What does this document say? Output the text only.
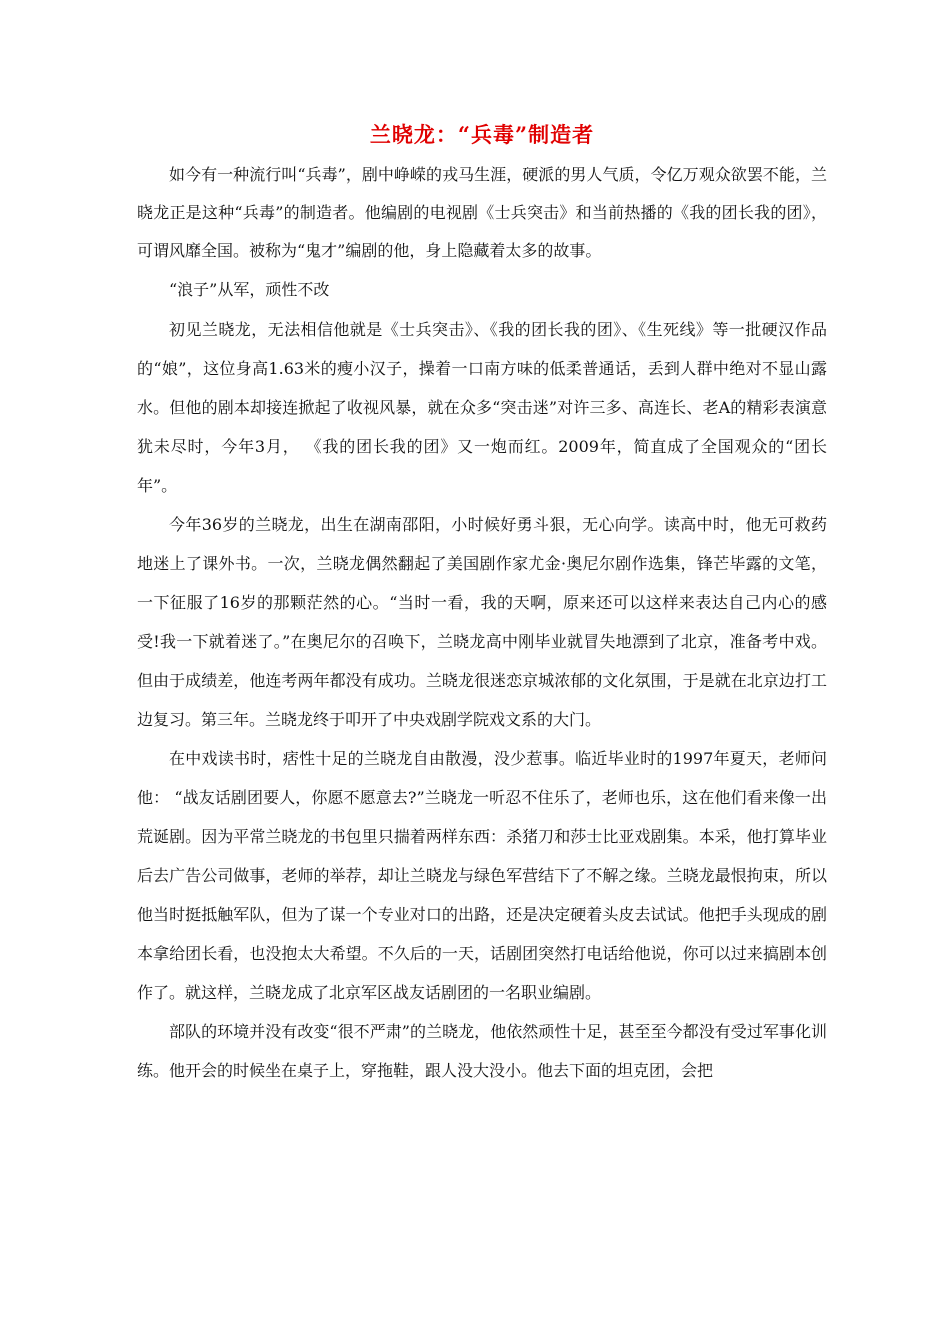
兰晓龙：“兵毒”制造者

如今有一种流行叫“兵毒”，剧中峥嵘的戎马生涯，硬派的男人气质，令亿万观众欲罢不能，兰晓龙正是这种“兵毒”的制造者。他编剧的电视剧《士兵突击》和当前热播的《我的团长我的团》，可谓风靡全国。被称为“鬼才”编剧的他，身上隐藏着太多的故事。

“浪子”从军，顽性不改

初见兰晓龙，无法相信他就是《士兵突击》、《我的团长我的团》、《生死线》等一批硬汉作品的“娘”，这位身高1.63米的瘦小汉子，操着一口南方味的低柔普通话，丢到人群中绝对不显山露水。但他的剧本却接连掀起了收视风暴，就在众多“突击迷”对许三多、高连长、老A的精彩表演意犹未尽时，今年3月， 《我的团长我的团》又一炮而红。2009年，简直成了全国观众的“团长年”。

今年36岁的兰晓龙，出生在湖南邵阳，小时候好勇斗狠，无心向学。读高中时，他无可救药地迷上了课外书。一次，兰晓龙偶然翻起了美国剧作家尤金·奥尼尔剧作选集，锋芒毕露的文笔，一下征服了16岁的那颗茫然的心。“当时一看，我的天啊，原来还可以这样来表达自己内心的感受!我一下就着迷了。”在奥尼尔的召唤下，兰晓龙高中刚毕业就冒失地漂到了北京，准备考中戏。但由于成绩差，他连考两年都没有成功。兰晓龙很迷恋京城浓郁的文化氛围，于是就在北京边打工边复习。第三年。兰晓龙终于叩开了中央戏剧学院戏文系的大门。

在中戏读书时，痞性十足的兰晓龙自由散漫，没少惹事。临近毕业时的1997年夏天，老师问他： “战友话剧团要人，你愿不愿意去?”兰晓龙一听忍不住乐了，老师也乐，这在他们看来像一出荒诞剧。因为平常兰晓龙的书包里只揣着两样东西：杀猪刀和莎士比亚戏剧集。本采，他打算毕业后去广告公司做事，老师的举荐，却让兰晓龙与绿色军营结下了不解之缘。兰晓龙最恨拘束，所以他当时挺抵触军队，但为了谋一个专业对口的出路，还是决定硬着头皮去试试。他把手头现成的剧本拿给团长看，也没抱太大希望。不久后的一天，话剧团突然打电话给他说，你可以过来搞剧本创作了。就这样，兰晓龙成了北京军区战友话剧团的一名职业编剧。

部队的环境并没有改变“很不严肃”的兰晓龙，他依然顽性十足，甚至至今都没有受过军事化训练。他开会的时候坐在桌子上，穿拖鞋，跟人没大没小。他去下面的坦克团，会把
